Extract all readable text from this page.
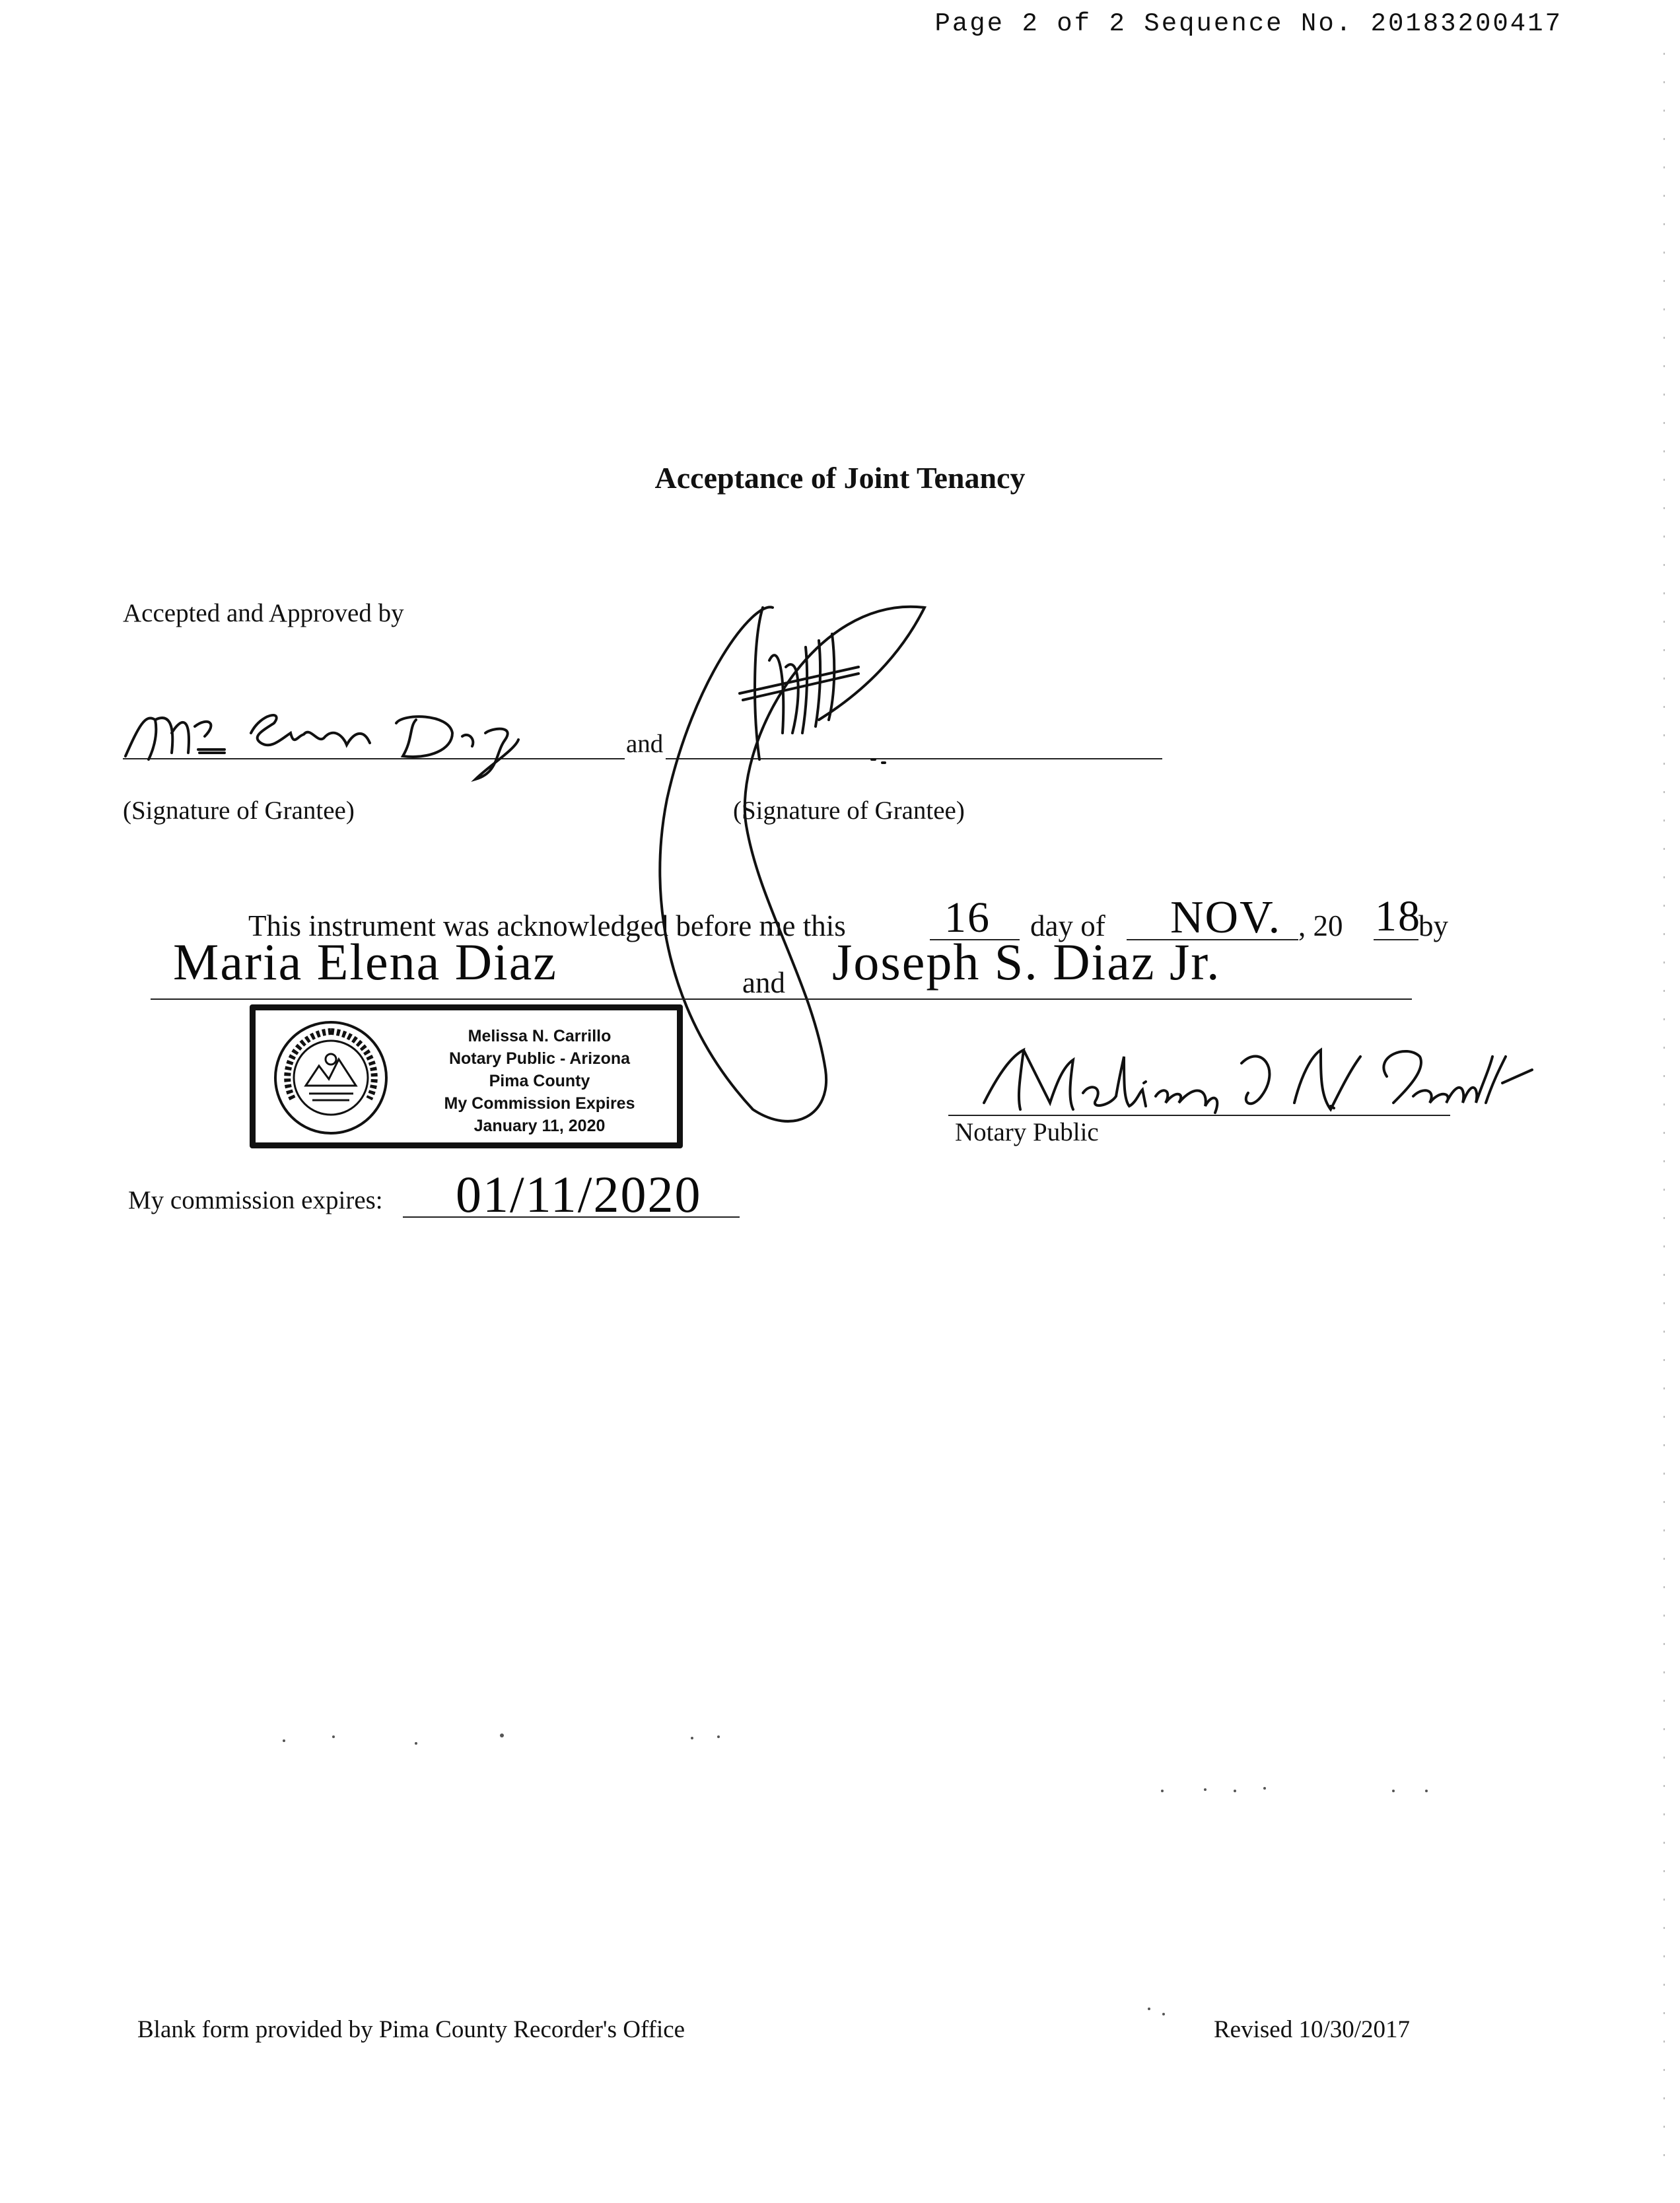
Page 2 of 2 Sequence No. 20183200417
Acceptance of Joint Tenancy
Accepted and Approved by
and
(Signature of Grantee)	(Signature of Grantee)
This instrument was acknowledged before me this 16 day of NOV. , 20 18
by
Maria Elena Diaz	and Joseph S. Diaz Jr.
Melissa N. Carrillo
Notary Public - Arizona
Pima County
My Commission Expires
January 11, 2020	Notary Public
My commission expires: 01/11/2020
Blank form provided by Pima County Recorder's Office	Revised 10/30/2017
